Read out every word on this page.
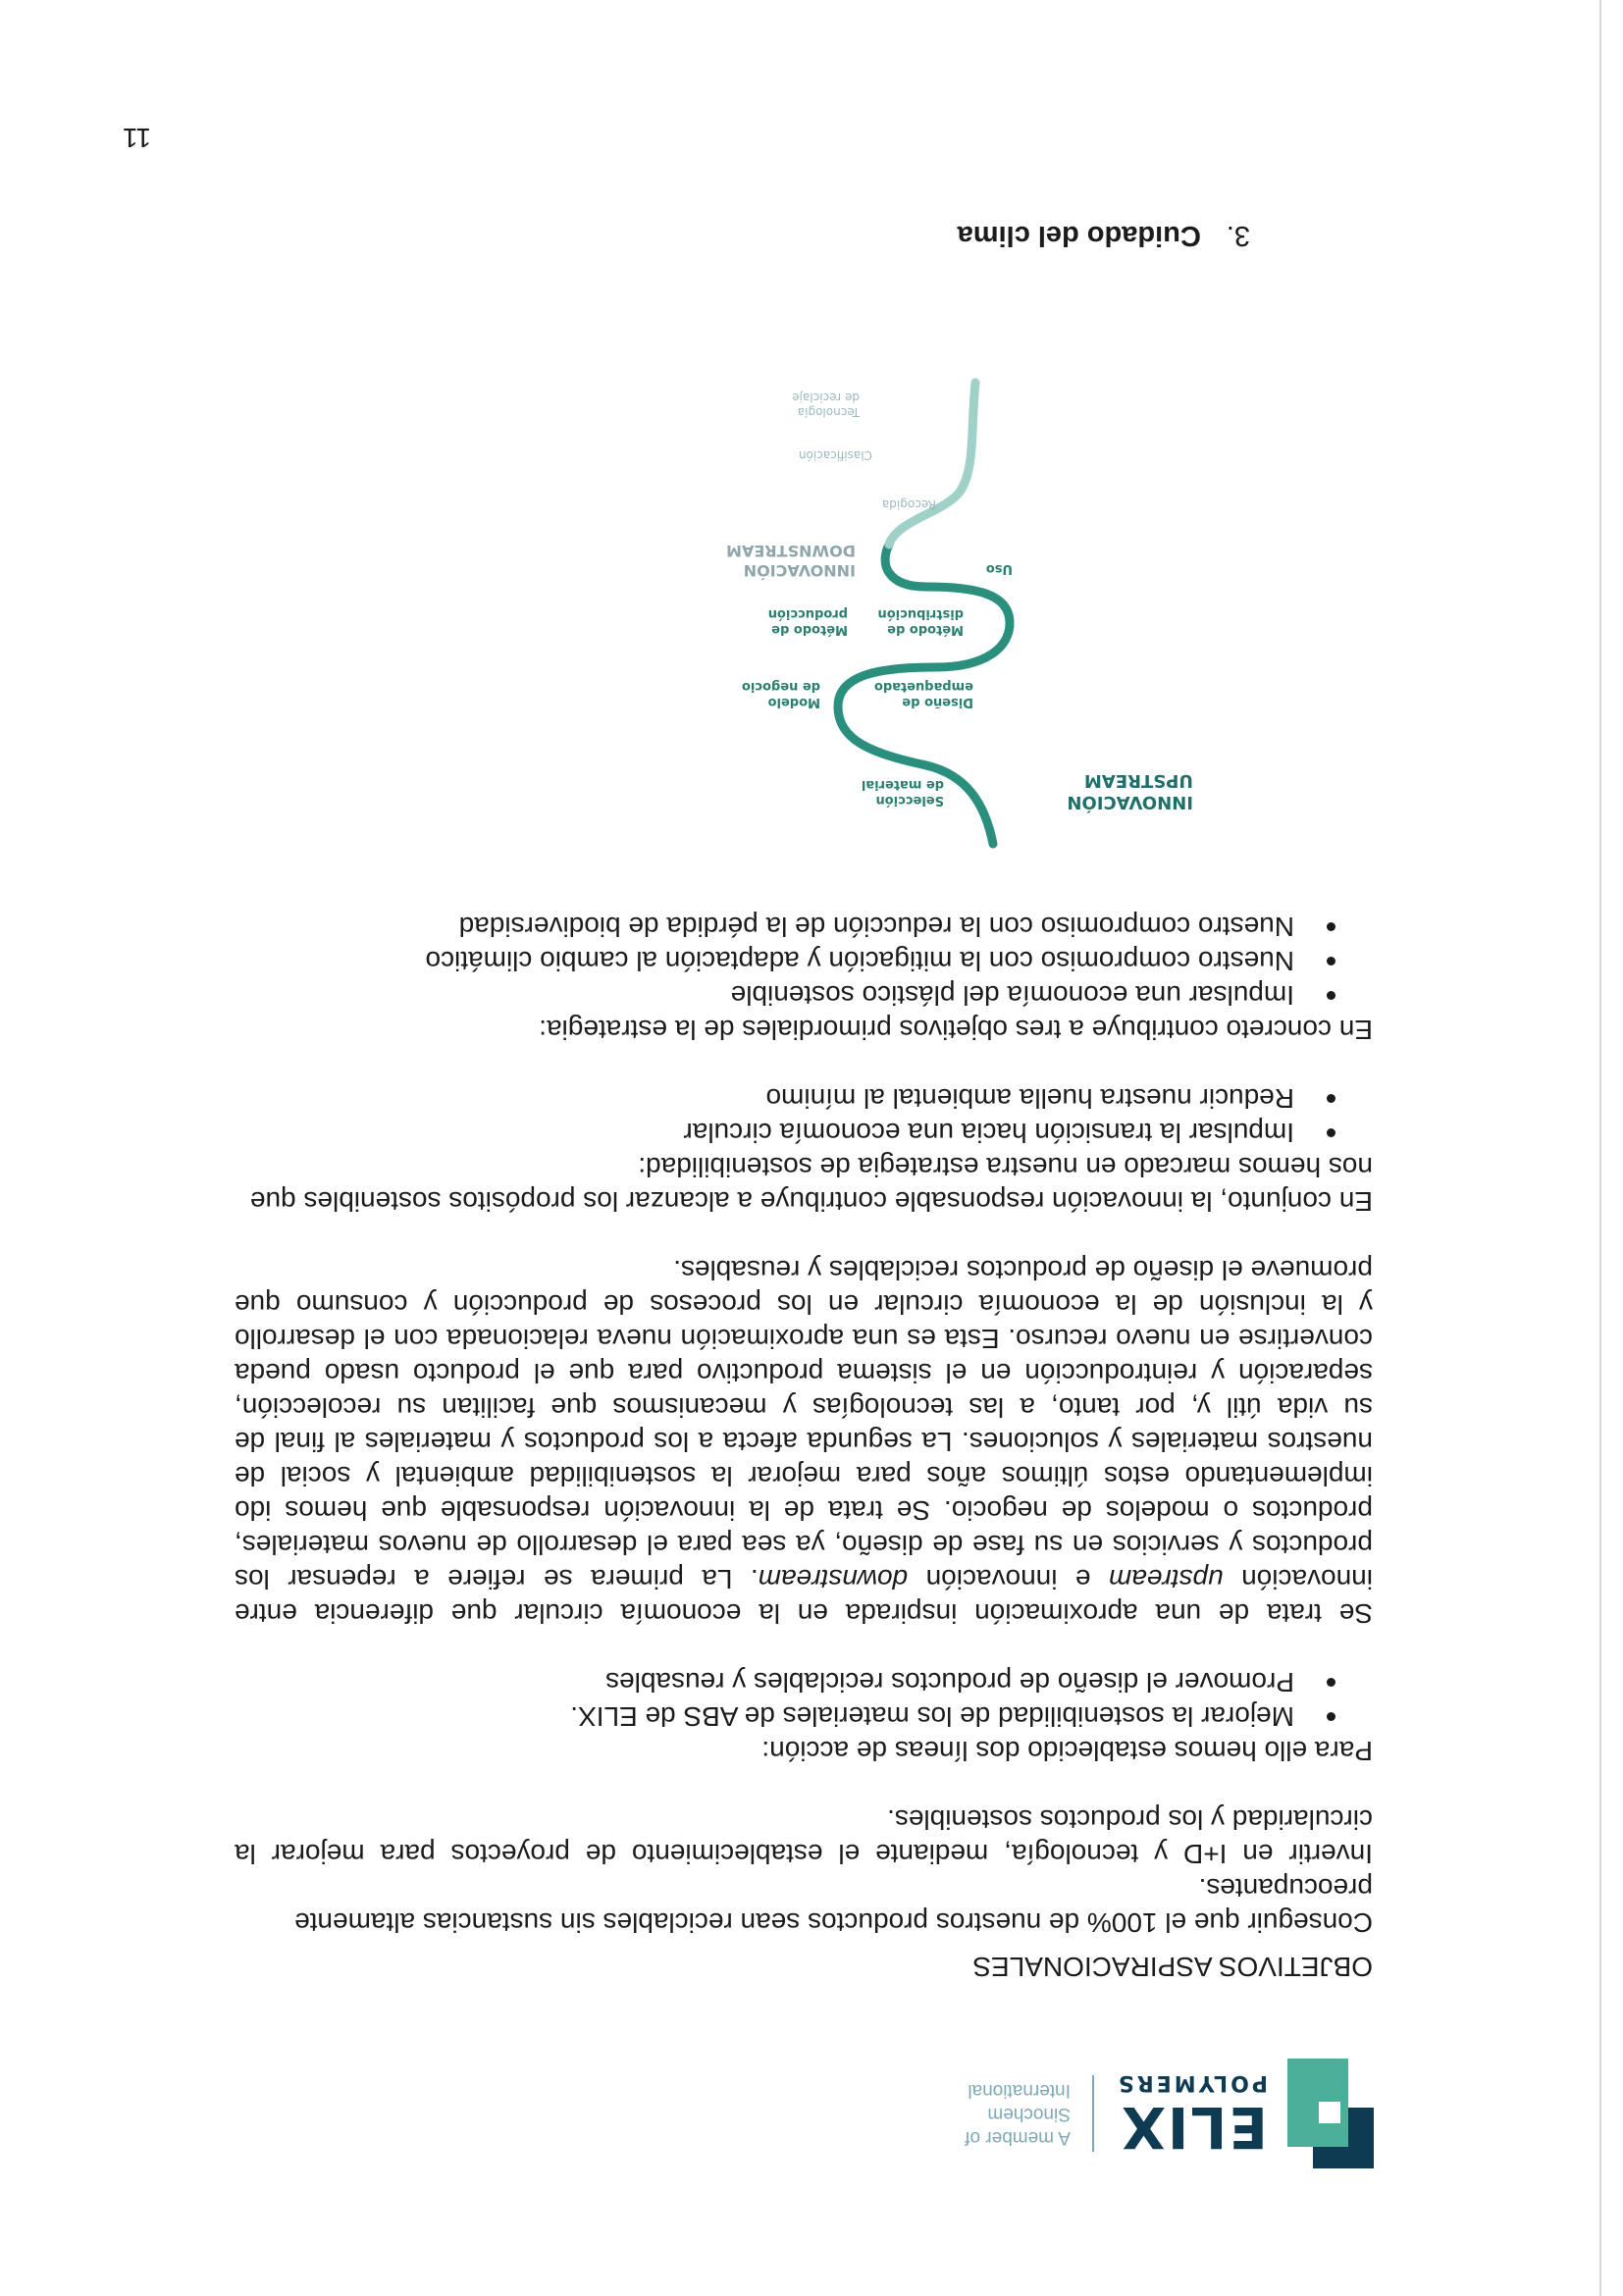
ELIX
POLYMERS
A member of
Sinochem
International

OBJETIVOS ASPIRACIONALES

Conseguir que el 100% de nuestros productos sean reciclables sin sustancias altamente preocupantes.

Invertir en I+D y tecnología, mediante el establecimiento de proyectos para mejorar la circularidad y los productos sostenibles.

Para ello hemos establecido dos líneas de acción:

Mejorar la sostenibilidad de los materiales de ABS de ELIX.
Promover el diseño de productos reciclables y reusables

Se trata de una aproximación inspirada en la economía circular que diferencia entre innovación upstream e innovación downstream. La primera se refiere a repensar los productos y servicios en su fase de diseño, ya sea para el desarrollo de nuevos materiales, productos o modelos de negocio. Se trata de la innovación responsable que hemos ido implementando estos últimos años para mejorar la sostenibilidad ambiental y social de nuestros materiales y soluciones. La segunda afecta a los productos y materiales al final de su vida útil y, por tanto, a las tecnologías y mecanismos que facilitan su recolección, separación y reintroducción en el sistema productivo para que el producto usado pueda convertirse en nuevo recurso. Esta es una aproximación nueva relacionada con el desarrollo y la inclusión de la economía circular en los procesos de producción y consumo que promueve el diseño de productos reciclables y reusables.

En conjunto, la innovación responsable contribuye a alcanzar los propósitos sostenibles que nos hemos marcado en nuestra estrategia de sostenibilidad:

Impulsar la transición hacia una economía circular
Reducir nuestra huella ambiental al mínimo

En concreto contribuye a tres objetivos primordiales de la estrategia:

Impulsar una economía del plástico sostenible
Nuestro compromiso con la mitigación y adaptación al cambio climático
Nuestro compromiso con la reducción de la pérdida de biodiversidad
INNOVACIÓN UPSTREAM
Selección de material
Diseño de empaquetado
Modelo de negocio
Método de distribución
Método de producción
Uso
INNOVACIÓN DOWNSTREAM
Recogida
Clasificación
Tecnología de reciclaje
3.
Cuidado del clima
11
